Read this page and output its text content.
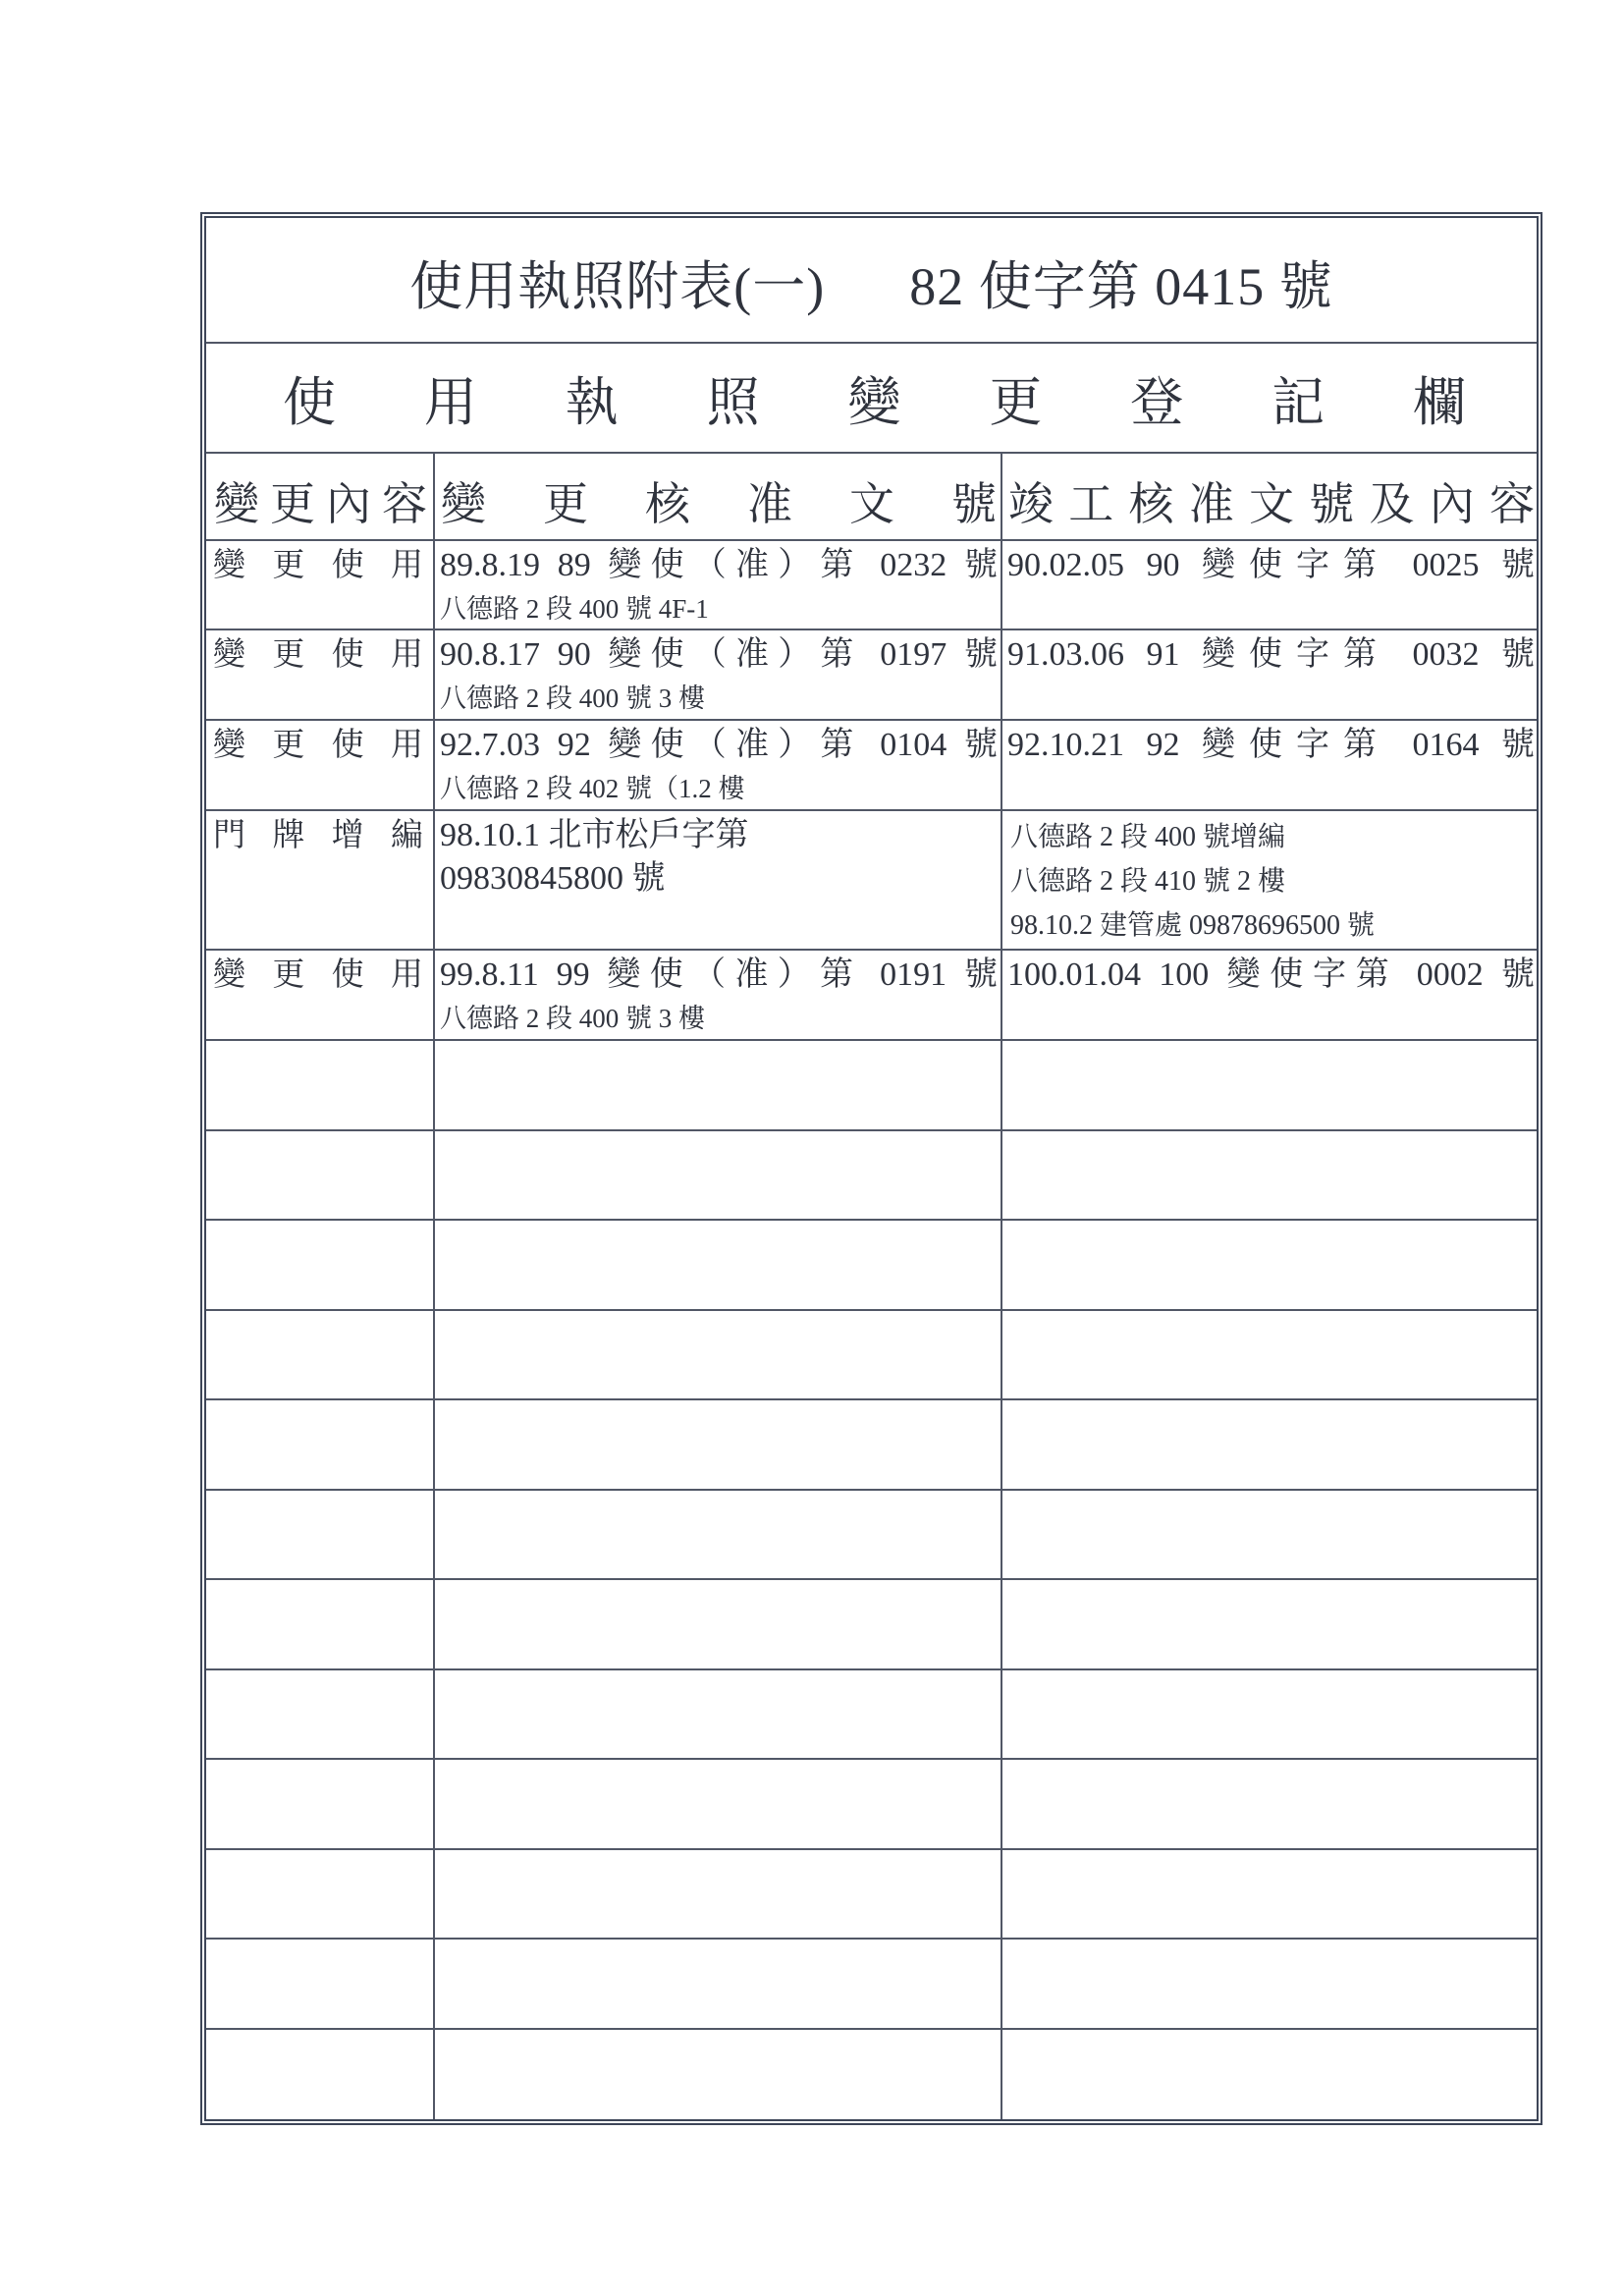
使用執照附表(一) 82 使字第 0415 號
使 用 執 照 變 更 登 記 欄
變更內容 變 更 核 准 文 號 竣工核准文號及內容
變 更 使 用 89.8.19 89 變使（准）第 0232 號
八德路 2 段 400 號 4F-1
90.02.05 90 變使字第 0025 號
變 更 使 用 90.8.17 90 變使（准）第 0197 號
八德路 2 段 400 號 3 樓
91.03.06 91 變使字第 0032 號
變 更 使 用 92.7.03 92 變使（准）第 0104 號
八德路 2 段 402 號（1.2 樓
92.10.21 92 變使字第 0164 號
門 牌 增 編 98.10.1 北市松戶字第
09830845800 號
八德路 2 段 400 號增編
八德路 2 段 410 號 2 樓
98.10.2 建管處 09878696500 號
變 更 使 用 99.8.11 99 變使（准）第 0191 號
八德路 2 段 400 號 3 樓
100.01.04 100 變使字第 0002 號
